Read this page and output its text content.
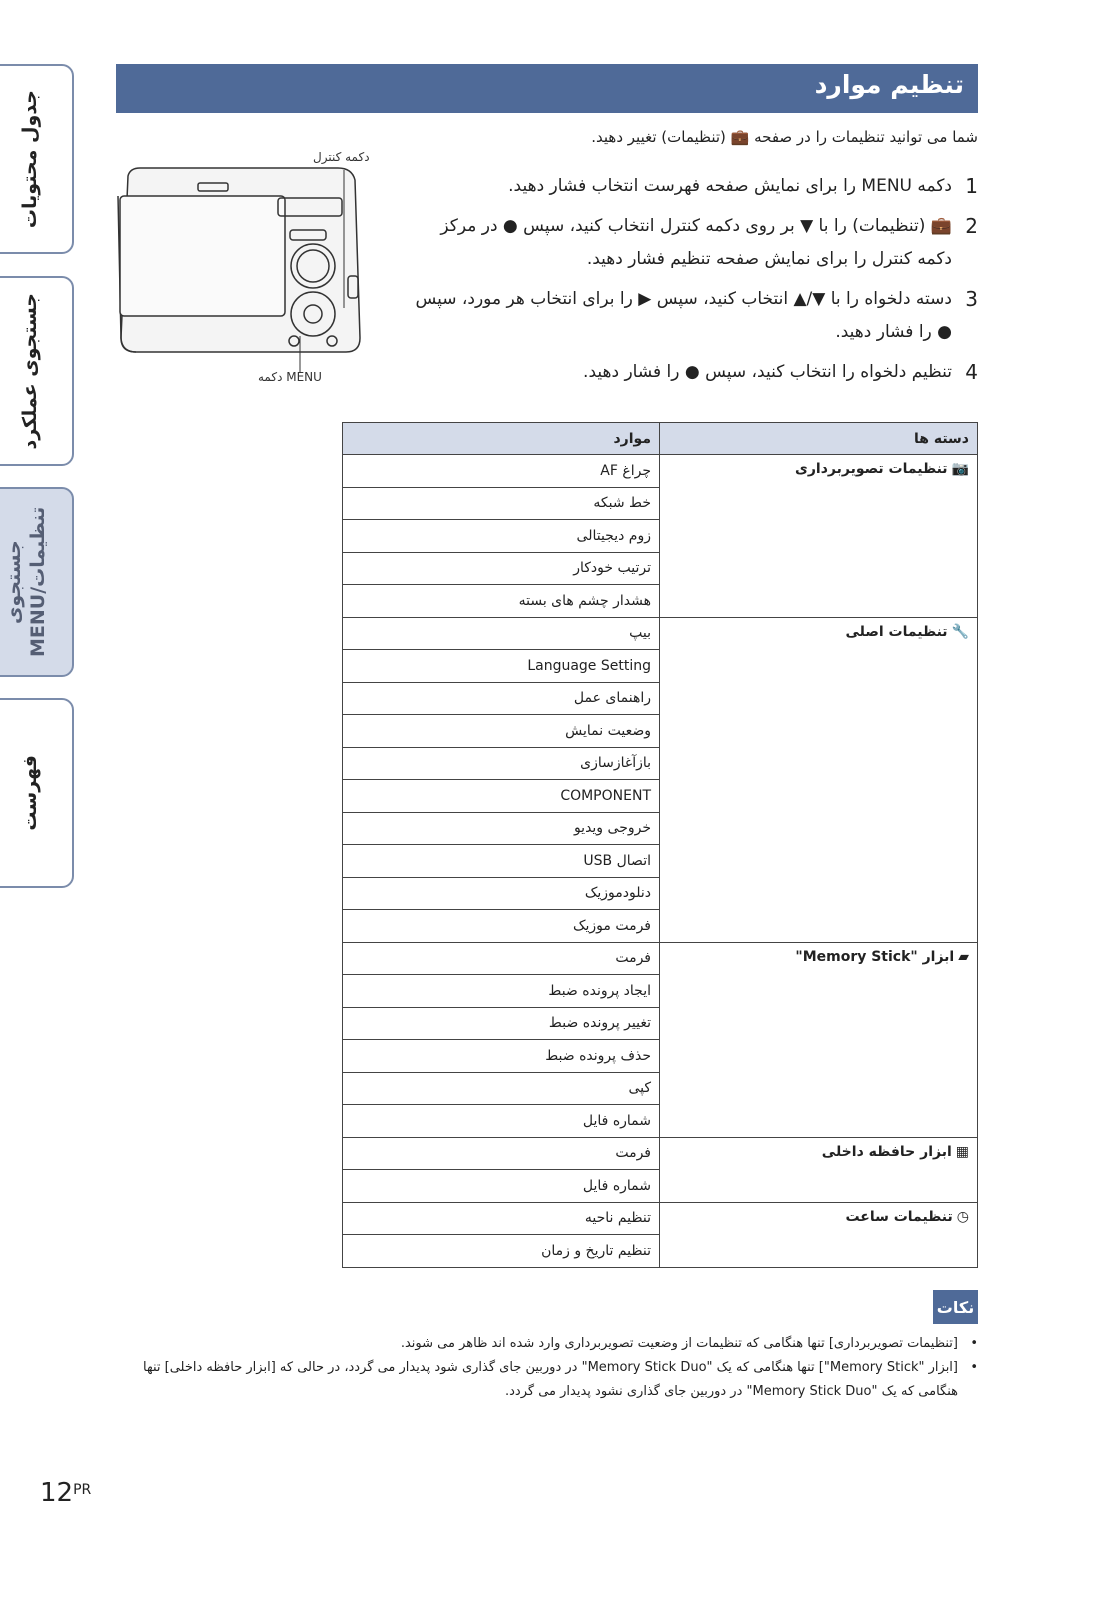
جدول محتویات
جستجوی عملکرد
جستجوی MENU/تنظیمات
فهرست
تنظیم موارد
شما می توانید تنظیمات را در صفحه 💼 (تنظیمات) تغییر دهید.
1
دکمه MENU را برای نمایش صفحه فهرست انتخاب فشار دهید.
2
💼 (تنظیمات) را با ▼ بر روی دکمه کنترل انتخاب کنید، سپس ● در مرکز دکمه کنترل را برای نمایش صفحه تنظیم فشار دهید.
3
دسته دلخواه را با ▼/▲ انتخاب کنید، سپس ▶ را برای انتخاب هر مورد، سپس ● را فشار دهید.
4
تنظیم دلخواه را انتخاب کنید، سپس ● را فشار دهید.
دکمه کنترل
MENU دکمه
دسته ها	موارد
📷تنظیمات تصویربرداری	چراغ AF
	خط شبکه
	زوم دیجیتالی
	ترتیب خودکار
	هشدار چشم های بسته
🔧تنظیمات اصلی	بیپ
	Language Setting
	راهنمای عمل
	وضعیت نمایش
	بازآغازسازی
	COMPONENT
	خروجی ویدیو
	اتصال USB
	دنلودموزیک
	فرمت موزیک
▰ابزار "Memory Stick"	فرمت
	ایجاد پرونده ضبط
	تغییر پرونده ضبط
	حذف پرونده ضبط
	کپی
	شماره فایل
▦ابزار حافظه داخلی	فرمت
	شماره فایل
◷تنظیمات ساعت	تنظیم ناحیه
	تنظیم تاریخ و زمان
نکات
•
[تنظیمات تصویربرداری] تنها هنگامی که تنظیمات از وضعیت تصویربرداری وارد شده اند ظاهر می شوند.
•
[ابزار "Memory Stick"] تنها هنگامی که یک "Memory Stick Duo" در دوربین جای گذاری شود پدیدار می گردد، در حالی که [ابزار حافظه داخلی] تنها هنگامی که یک "Memory Stick Duo" در دوربین جای گذاری نشود پدیدار می گردد.
$12^{PR}$
